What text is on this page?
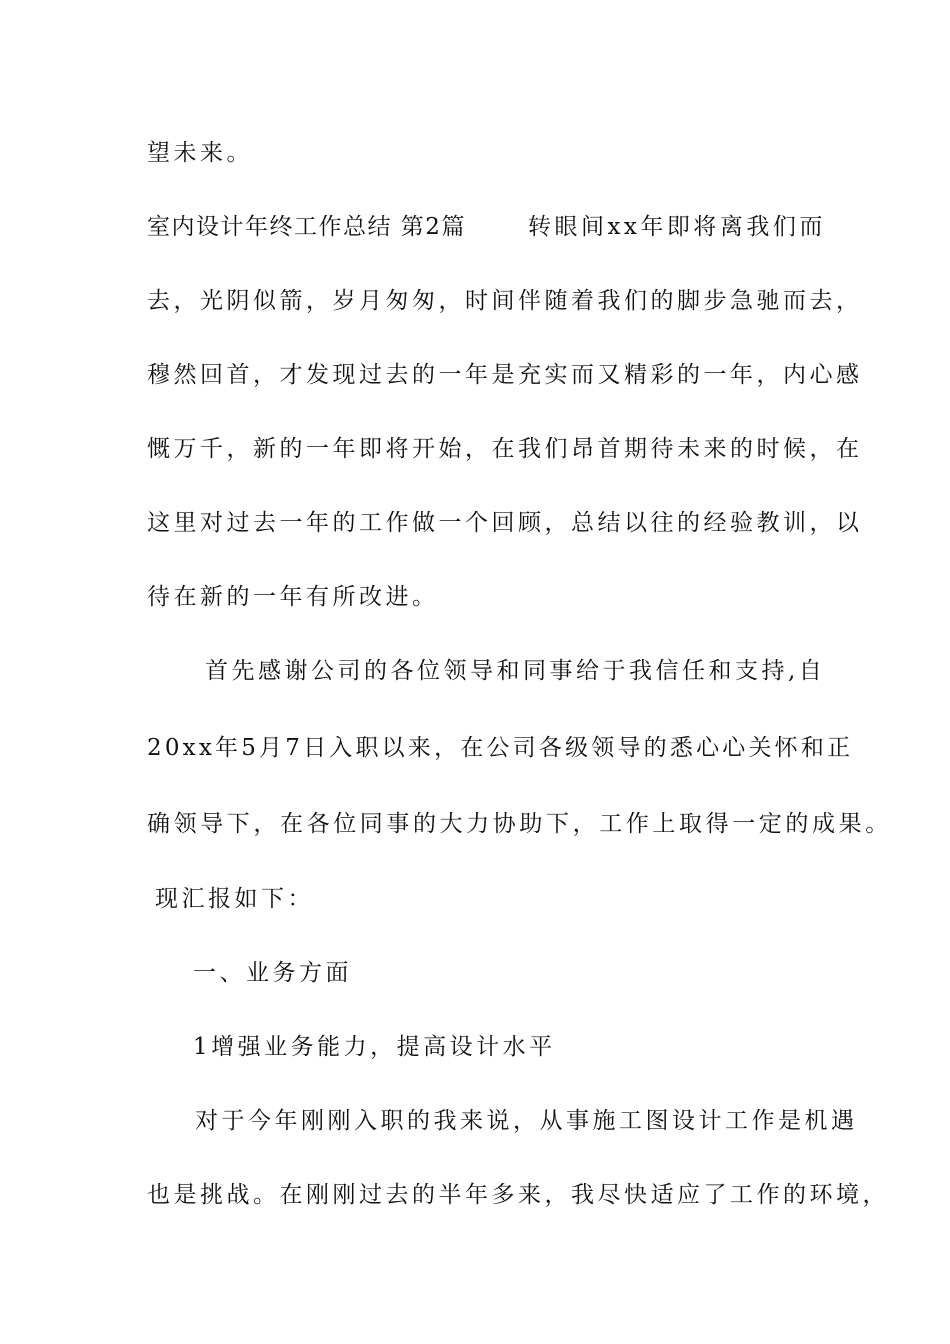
望未来。
室内设计年终工作总结 第2篇	转眼间xx年即将离我们而
去，光阴似箭，岁月匆匆，时间伴随着我们的脚步急驰而去，
穆然回首，才发现过去的一年是充实而又精彩的一年，内心感
慨万千，新的一年即将开始，在我们昂首期待未来的时候，在
这里对过去一年的工作做一个回顾，总结以往的经验教训，以
待在新的一年有所改进。
首先感谢公司的各位领导和同事给于我信任和支持,自
20xx年5月7日入职以来，在公司各级领导的悉心心关怀和正
确领导下，在各位同事的大力协助下，工作上取得一定的成果。
现汇报如下：
一、业务方面
1增强业务能力，提高设计水平
对于今年刚刚入职的我来说，从事施工图设计工作是机遇
也是挑战。在刚刚过去的半年多来，我尽快适应了工作的环境，
